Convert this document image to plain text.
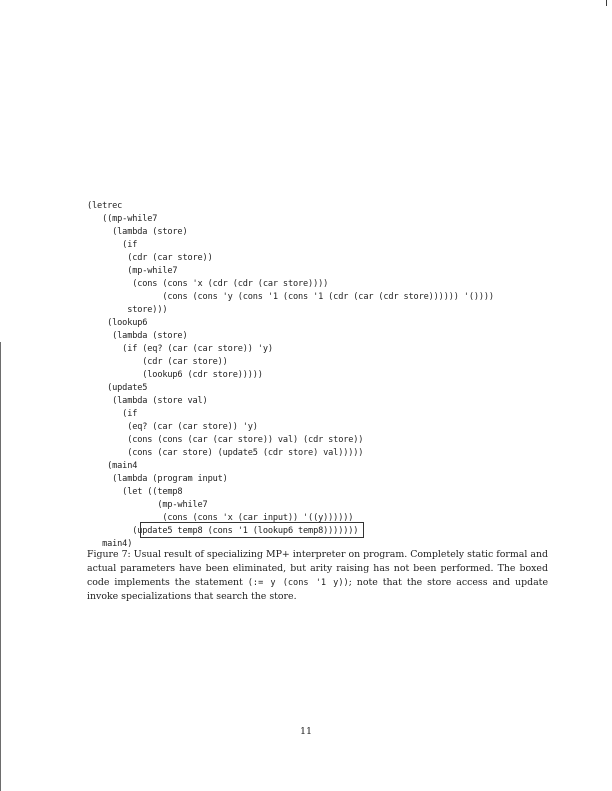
(letrec
((mp-while7
(lambda (store)
(if
(cdr (car store))
(mp-while7
(cons (cons 'x (cdr (cdr (car store))))
(cons (cons 'y (cons '1 (cons '1 (cdr (car (cdr store)))))) '())))
store)))
(lookup6
(lambda (store)
(if (eq? (car (car store)) 'y)
(cdr (car store))
(lookup6 (cdr store)))))
(update5
(lambda (store val)
(if
(eq? (car (car store)) 'y)
(cons (cons (car (car store)) val) (cdr store))
(cons (car store) (update5 (cdr store) val)))))
(main4
(lambda (program input)
(let ((temp8
(mp-while7
(cons (cons 'x (car input)) '((y))))))
(update5 temp8 (cons '1 (lookup6 temp8)))))))
main4)
Figure 7: Usual result of specializing MP+ interpreter on program. Completely static formal and actual parameters have been eliminated, but arity raising has not been performed. The boxed code implements the statement (:= y (cons '1 y)); note that the store access and update invoke specializations that search the store.
11
